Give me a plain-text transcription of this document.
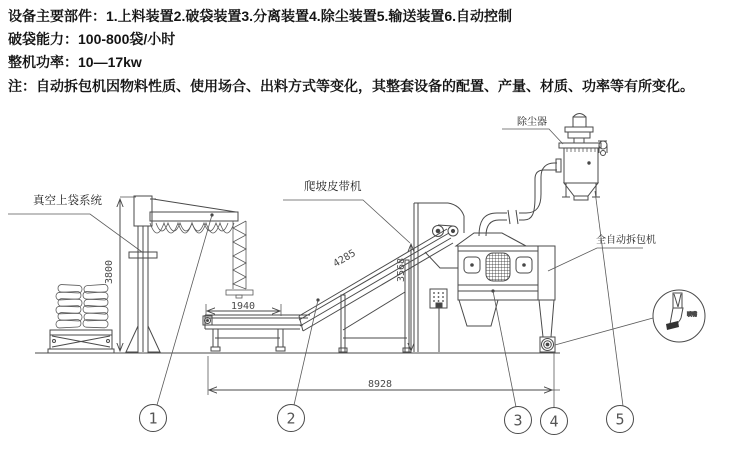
设备主要部件：1.上料装置2.破袋装置3.分离装置4.除尘装置5.输送装置6.自动控制
破袋能力：100-800袋/小时
整机功率：10—17kw
注：自动拆包机因物料性质、使用场合、出料方式等变化，其整套设备的配置、产量、材质、功率等有所变化。
3800
真空上袋系统
1940
4285
爬坡皮带机
3568
全自动拆包机
除尘器
8928
1	2	3 4	5
喷嘴
